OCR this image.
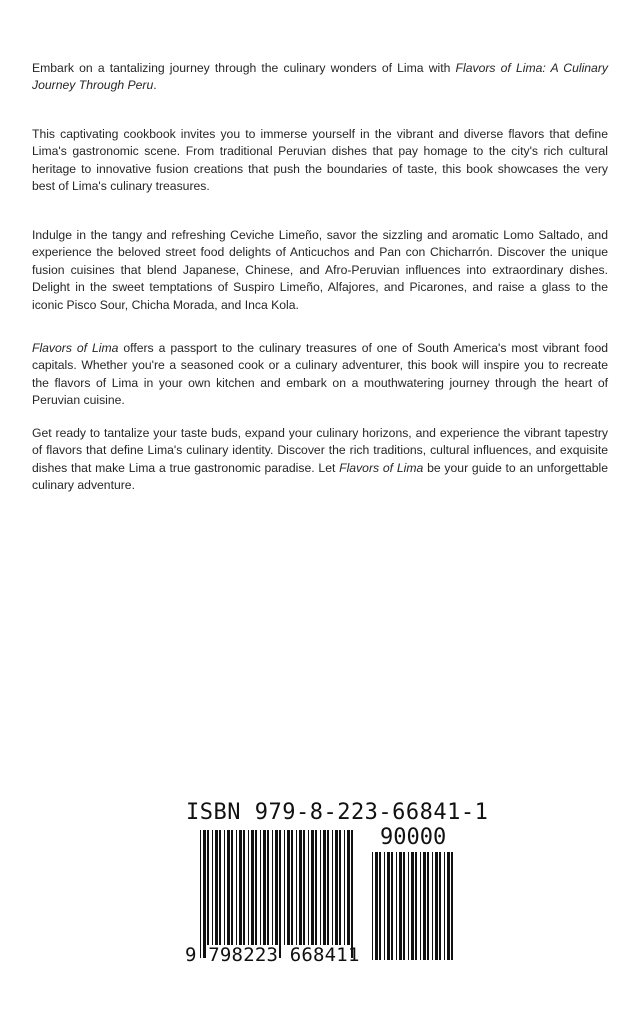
Embark on a tantalizing journey through the culinary wonders of Lima with Flavors of Lima: A Culinary Journey Through Peru.

This captivating cookbook invites you to immerse yourself in the vibrant and diverse flavors that define Lima's gastronomic scene. From traditional Peruvian dishes that pay homage to the city's rich cultural heritage to innovative fusion creations that push the boundaries of taste, this book showcases the very best of Lima's culinary treasures.

Indulge in the tangy and refreshing Ceviche Limeño, savor the sizzling and aromatic Lomo Saltado, and experience the beloved street food delights of Anticuchos and Pan con Chicharrón. Discover the unique fusion cuisines that blend Japanese, Chinese, and Afro-Peruvian influences into extraordinary dishes. Delight in the sweet temptations of Suspiro Limeño, Alfajores, and Picarones, and raise a glass to the iconic Pisco Sour, Chicha Morada, and Inca Kola.

Flavors of Lima offers a passport to the culinary treasures of one of South America's most vibrant food capitals. Whether you're a seasoned cook or a culinary adventurer, this book will inspire you to recreate the flavors of Lima in your own kitchen and embark on a mouthwatering journey through the heart of Peruvian cuisine.

Get ready to tantalize your taste buds, expand your culinary horizons, and experience the vibrant tapestry of flavors that define Lima's culinary identity. Discover the rich traditions, cultural influences, and exquisite dishes that make Lima a true gastronomic paradise. Let Flavors of Lima be your guide to an unforgettable culinary adventure.

ISBN 979-8-223-66841-1
90000
9 798223 668411
